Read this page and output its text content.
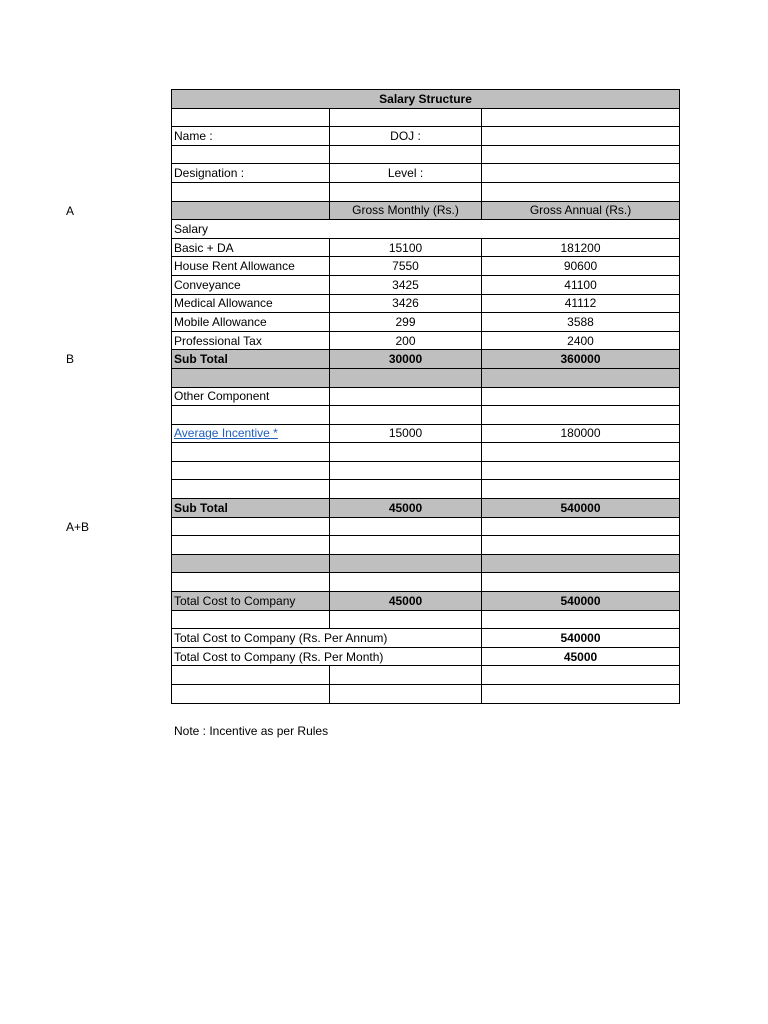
A
B
A+B
Salary Structure		

Name :	DOJ :	

Designation :	Level :	

	Gross Monthly (Rs.)	Gross Annual (Rs.)
Salary		
Basic + DA	15100	181200
House Rent Allowance	7550	90600
Conveyance	3425	41100
Medical Allowance	3426	41112
Mobile Allowance	299	3588
Professional Tax	200	2400
Sub Total	30000	360000

Other Component		

Average Incentive *	15000	180000

Sub Total	45000	540000

Total Cost to Company	45000	540000

Total Cost to Company (Rs. Per Annum)		540000
Total Cost to Company (Rs. Per Month)		45000

Note : Incentive as per Rules
